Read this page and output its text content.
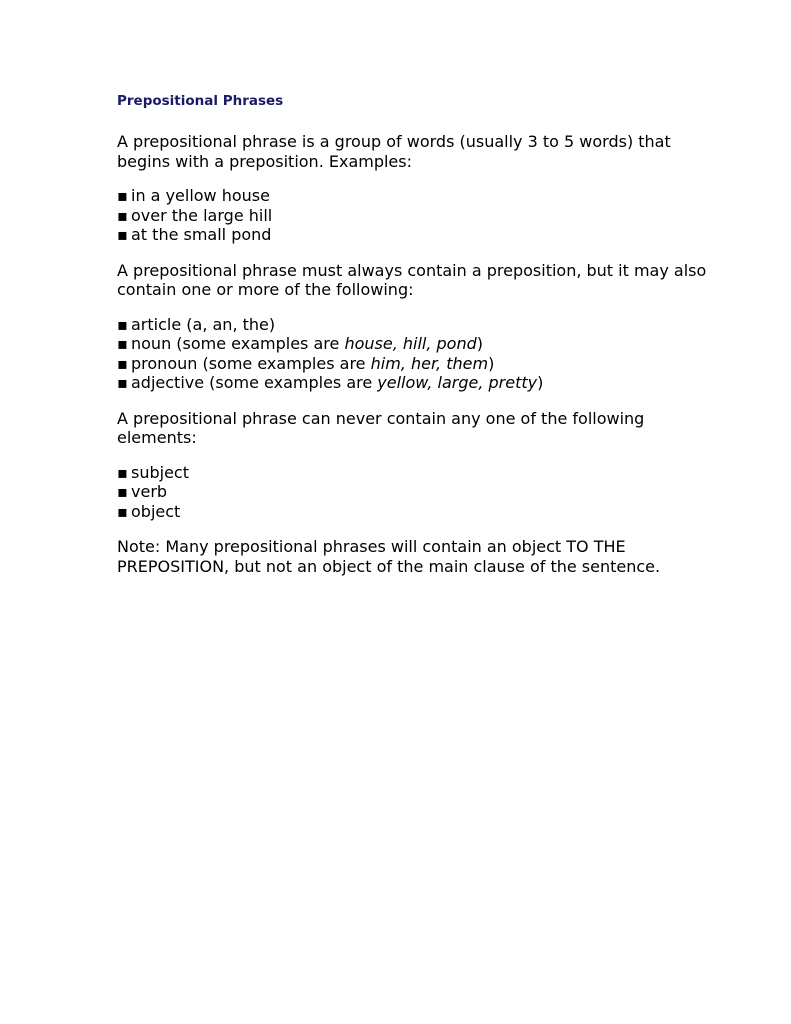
Prepositional Phrases

A prepositional phrase is a group of words (usually 3 to 5 words) that begins with a preposition. Examples:

▪ in a yellow house
▪ over the large hill
▪ at the small pond

A prepositional phrase must always contain a preposition, but it may also contain one or more of the following:

▪ article (a, an, the)
▪ noun (some examples are house, hill, pond)
▪ pronoun (some examples are him, her, them)
▪ adjective (some examples are yellow, large, pretty)

A prepositional phrase can never contain any one of the following elements:

▪ subject
▪ verb
▪ object

Note: Many prepositional phrases will contain an object TO THE PREPOSITION, but not an object of the main clause of the sentence.
